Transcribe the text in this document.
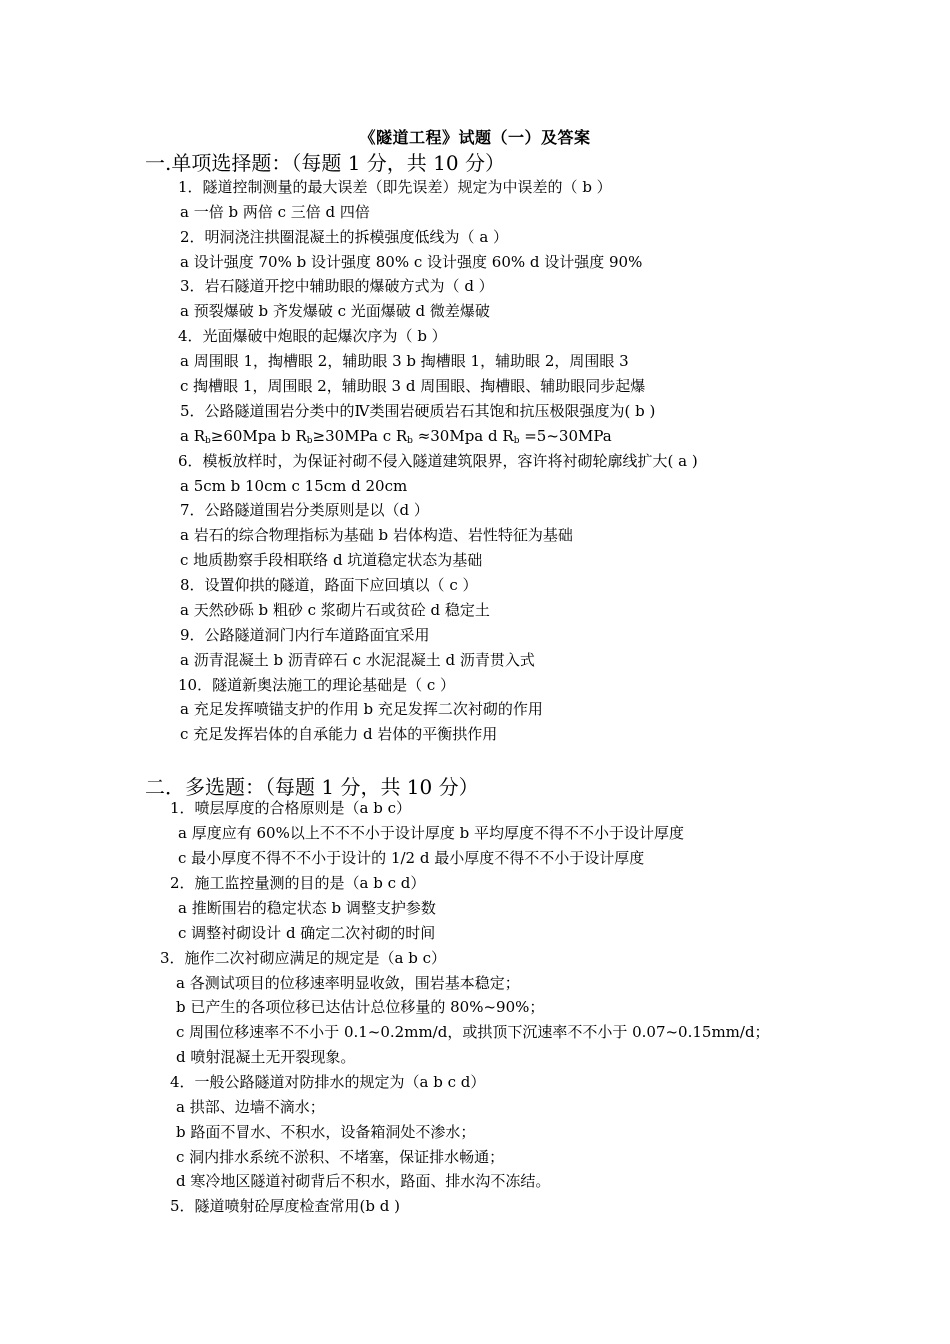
《隧道工程》试题（一）及答案
一.单项选择题：（每题 1 分，共 10 分）
1．隧道控制测量的最大误差（即先误差）规定为中误差的（ b ）
a 一倍 b 两倍 c 三倍 d 四倍
2．明洞浇注拱圈混凝土的拆模强度低线为（ a ）
a 设计强度 70% b 设计强度 80% c 设计强度 60% d 设计强度 90%
3．岩石隧道开挖中辅助眼的爆破方式为（ d ）
a 预裂爆破 b 齐发爆破 c 光面爆破 d 微差爆破
4．光面爆破中炮眼的起爆次序为（ b ）
a 周围眼 1，掏槽眼 2，辅助眼 3 b 掏槽眼 1，辅助眼 2，周围眼 3
c 掏槽眼 1，周围眼 2，辅助眼 3 d 周围眼、掏槽眼、辅助眼同步起爆
5．公路隧道围岩分类中的Ⅳ类围岩硬质岩石其饱和抗压极限强度为( b )
a $R_b\ge 60Mpa$ b $R_b\ge 30MPa$ c $R_b \approx 30Mpa$ d $R_b$ =5~30MPa
6．模板放样时，为保证衬砌不侵入隧道建筑限界，容许将衬砌轮廓线扩大( a )
a 5cm b 10cm c 15cm d 20cm
7．公路隧道围岩分类原则是以（d ）
a 岩石的综合物理指标为基础 b 岩体构造、岩性特征为基础
c 地质勘察手段相联络 d 坑道稳定状态为基础
8．设置仰拱的隧道，路面下应回填以（ c ）
a 天然砂砾 b 粗砂 c 浆砌片石或贫砼 d 稳定土
9．公路隧道洞门内行车道路面宜采用
a 沥青混凝土 b 沥青碎石 c 水泥混凝土 d 沥青贯入式
10．隧道新奥法施工的理论基础是（ c ）
a 充足发挥喷锚支护的作用 b 充足发挥二次衬砌的作用
c 充足发挥岩体的自承能力 d 岩体的平衡拱作用
二．多选题：（每题 1 分，共 10 分）
1．喷层厚度的合格原则是（a b c）
a 厚度应有 60%以上不不不小于设计厚度 b 平均厚度不得不不小于设计厚度
c 最小厚度不得不不小于设计的 1/2 d 最小厚度不得不不小于设计厚度
2．施工监控量测的目的是（a b c d）
a 推断围岩的稳定状态 b 调整支护参数
c 调整衬砌设计 d 确定二次衬砌的时间
3．施作二次衬砌应满足的规定是（a b c）
a 各测试项目的位移速率明显收敛，围岩基本稳定；
b 已产生的各项位移已达估计总位移量的 80%~90%；
c 周围位移速率不不小于 0.1~0.2mm/d，或拱顶下沉速率不不小于 0.07~0.15mm/d；
d 喷射混凝土无开裂现象。
4．一般公路隧道对防排水的规定为（a b c d）
a 拱部、边墙不滴水；
b 路面不冒水、不积水，设备箱洞处不渗水；
c 洞内排水系统不淤积、不堵塞，保证排水畅通；
d 寒冷地区隧道衬砌背后不积水，路面、排水沟不冻结。
5．隧道喷射砼厚度检查常用(b d )
